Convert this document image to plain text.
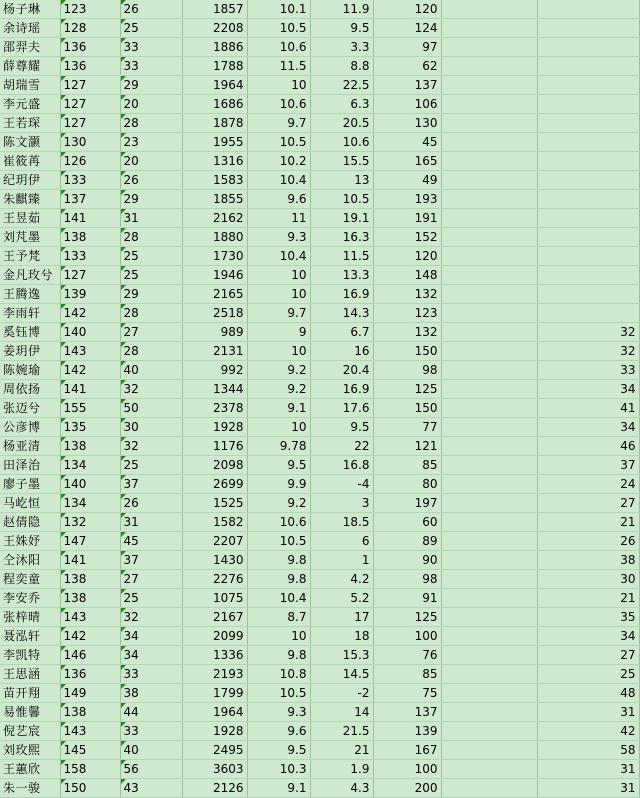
杨子琳	123	26	1857	10.1	11.9	120		
余诗瑶	128	25	2208	10.5	9.5	124		
邵羿夫	136	33	1886	10.6	3.3	97		
薛尊耀	136	33	1788	11.5	8.8	62		
胡瑞雪	127	29	1964	10	22.5	137		
李元盛	127	20	1686	10.6	6.3	106		
王若琛	127	28	1878	9.7	20.5	130		
陈文灏	130	23	1955	10.5	10.6	45		
崔筱苒	126	20	1316	10.2	15.5	165		
纪玥伊	133	26	1583	10.4	13	49		
朱麒臻	137	29	1855	9.6	10.5	193		
王昱茹	141	31	2162	11	19.1	191		
刘芃墨	138	28	1880	9.3	16.3	152		
王予梵	133	25	1730	10.4	11.5	120		
金凡玫兮	127	25	1946	10	13.3	148		
王腾逸	139	29	2165	10	16.9	132		
李雨轩	142	28	2518	9.7	14.3	123		
奚钰博	140	27	989	9	6.7	132		32
姜玥伊	143	28	2131	10	16	150		32
陈婉瑜	142	40	992	9.2	20.4	98		33
周依扬	141	32	1344	9.2	16.9	125		34
张迈兮	155	50	2378	9.1	17.6	150		41
公彦博	135	30	1928	10	9.5	77		34
杨亚清	138	32	1176	9.78	22	121		46
田泽治	134	25	2098	9.5	16.8	85		37
廖子墨	140	37	2699	9.9	-4	80		24
马屹恒	134	26	1525	9.2	3	197		27
赵倩隐	132	31	1582	10.6	18.5	60		21
王姝妤	147	45	2207	10.5	6	89		26
仝沐阳	141	37	1430	9.8	1	90		38
程奕童	138	27	2276	9.8	4.2	98		30
李安乔	138	25	1075	10.4	5.2	91		21
张梓晴	143	32	2167	8.7	17	125		35
聂泓轩	142	34	2099	10	18	100		34
李凯特	146	34	1336	9.8	15.3	76		27
王思涵	136	33	2193	10.8	14.5	85		25
苗开翔	149	38	1799	10.5	-2	75		48
易惟馨	138	44	1964	9.3	14	137		31
倪艺宸	143	33	1928	9.6	21.5	139		42
刘玫熙	145	40	2495	9.5	21	167		58
王蕙欣	158	56	3603	10.3	1.9	100		31
朱一骏	150	43	2126	9.1	4.3	200		31
